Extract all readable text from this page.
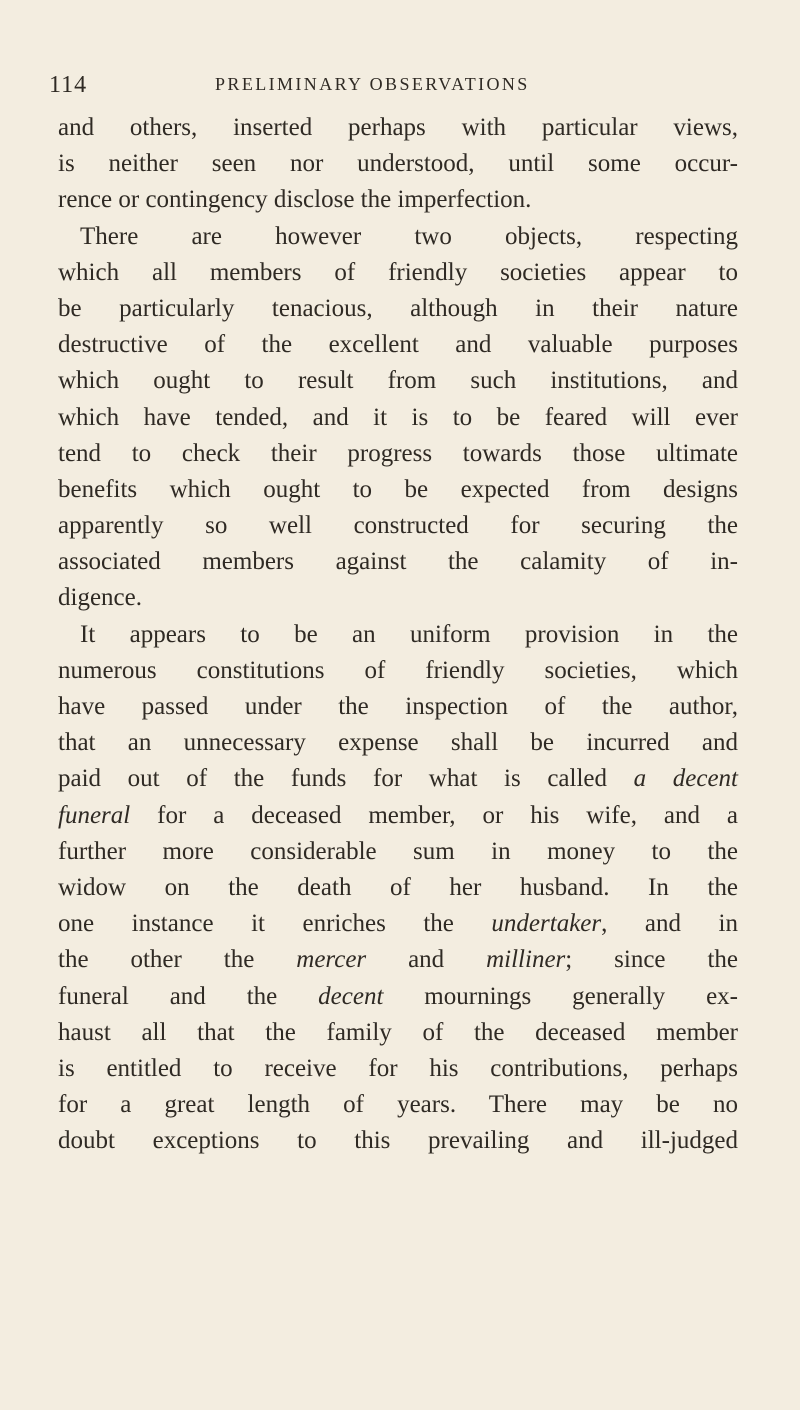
114	PRELIMINARY OBSERVATIONS
and others, inserted perhaps with particular views,
is neither seen nor understood, until some occur-
rence or contingency disclose the imperfection.
There are however two objects, respecting
which all members of friendly societies appear to
be particularly tenacious, although in their nature
destructive of the excellent and valuable purposes
which ought to result from such institutions, and
which have tended, and it is to be feared will ever
tend to check their progress towards those ultimate
benefits which ought to be expected from designs
apparently so well constructed for securing the
associated members against the calamity of in-
digence.
It appears to be an uniform provision in the
numerous constitutions of friendly societies, which
have passed under the inspection of the author,
that an unnecessary expense shall be incurred and
paid out of the funds for what is called a decent
funeral for a deceased member, or his wife, and a
further more considerable sum in money to the
widow on the death of her husband. In the
one instance it enriches the undertaker, and in
the other the mercer and milliner; since the
funeral and the decent mournings generally ex-
haust all that the family of the deceased member
is entitled to receive for his contributions, perhaps
for a great length of years. There may be no
doubt exceptions to this prevailing and ill-judged
